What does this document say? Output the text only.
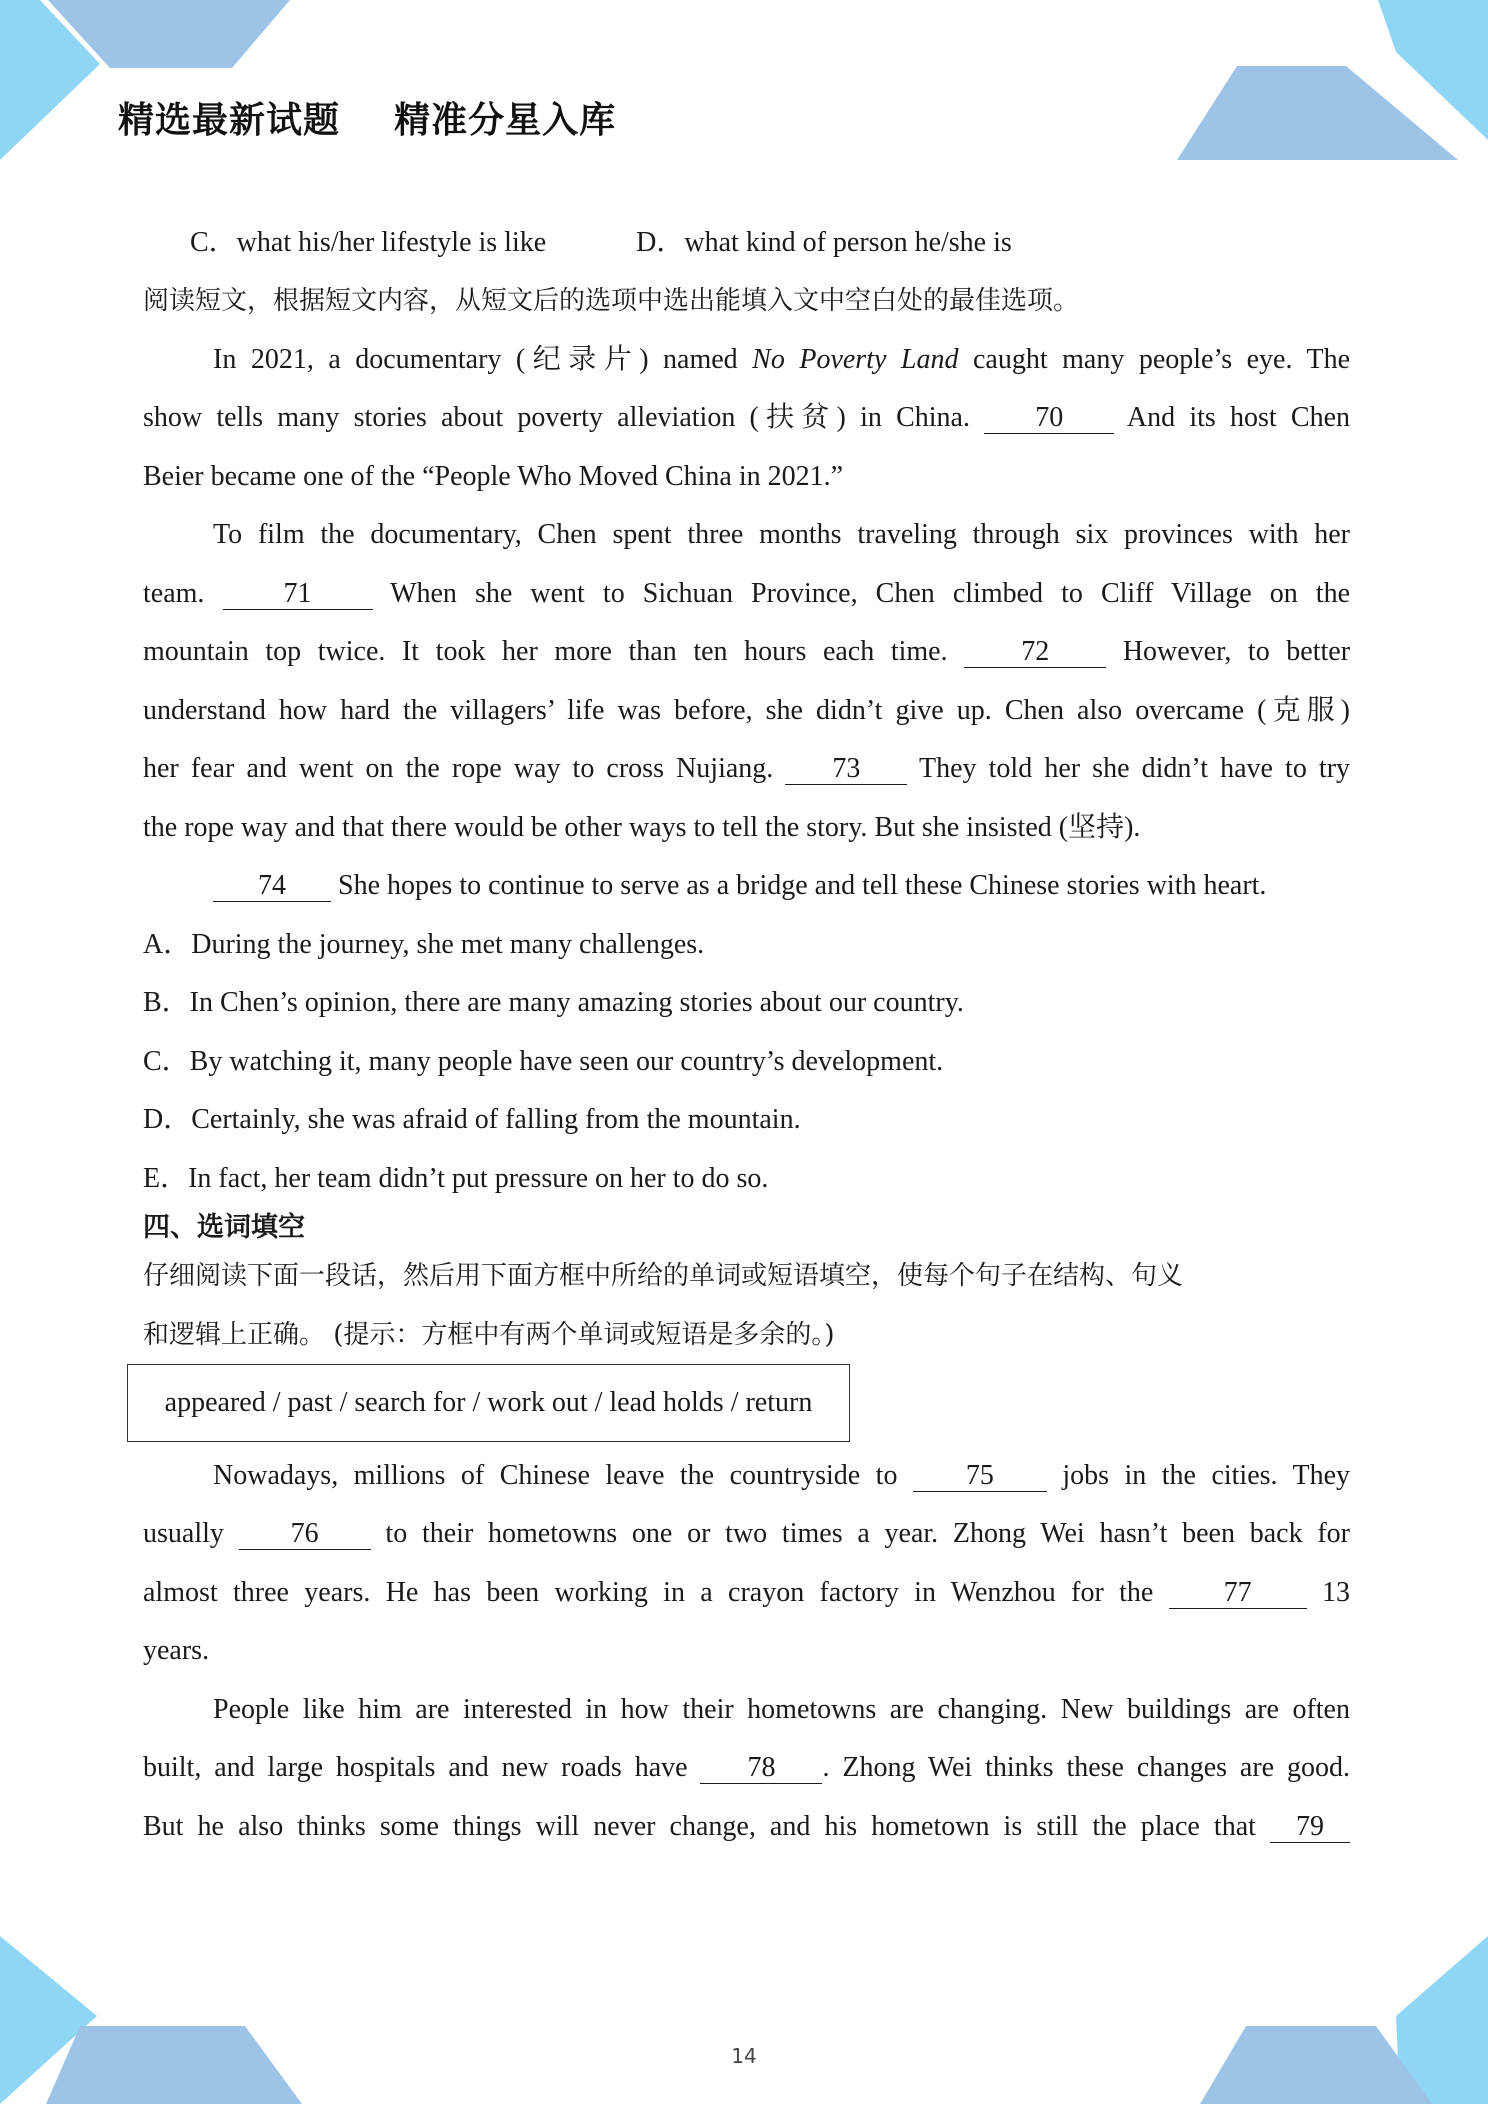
精选最新试题    精准分星入库
C．what his/her lifestyle is like	D．what kind of person he/she is
阅读短文，根据短文内容，从短文后的选项中选出能填入文中空白处的最佳选项。
In 2021, a documentary (纪录片) named No Poverty Land caught many people’s eye. The
show tells many stories about poverty alleviation (扶贫) in China. 70 And its host Chen
Beier became one of the “People Who Moved China in 2021.”
To film the documentary, Chen spent three months traveling through six provinces with her
team.	71	When she went to Sichuan Province, Chen climbed to Cliff Village on the
mountain top twice. It took her more than ten hours each time.	72	However, to better
understand how hard the villagers’ life was before, she didn’t give up. Chen also overcame (克服)
her fear and went on the rope way to cross Nujiang. 73 They told her she didn’t have to try
the rope way and that there would be other ways to tell the story. But she insisted (坚持).
74 She hopes to continue to serve as a bridge and tell these Chinese stories with heart.
A．During the journey, she met many challenges.
B．In Chen’s opinion, there are many amazing stories about our country.
C．By watching it, many people have seen our country’s development.
D．Certainly, she was afraid of falling from the mountain.
E．In fact, her team didn’t put pressure on her to do so.
四、选词填空
仔细阅读下面一段话，然后用下面方框中所给的单词或短语填空，使每个句子在结构、句义
和逻辑上正确。 (提示：方框中有两个单词或短语是多余的。)
appeared / past / search for / work out / lead holds / return
Nowadays, millions of Chinese leave the countryside to 75 jobs in the cities. They
usually 76 to their hometowns one or two times a year. Zhong Wei hasn’t been back for
almost three years. He has been working in a crayon factory in Wenzhou for the	77	13
years.
People like him are interested in how their hometowns are changing. New buildings are often
built, and large hospitals and new roads have 78 . Zhong Wei thinks these changes are good.
But he also thinks some things will never change, and his hometown is still the place that 79
14
